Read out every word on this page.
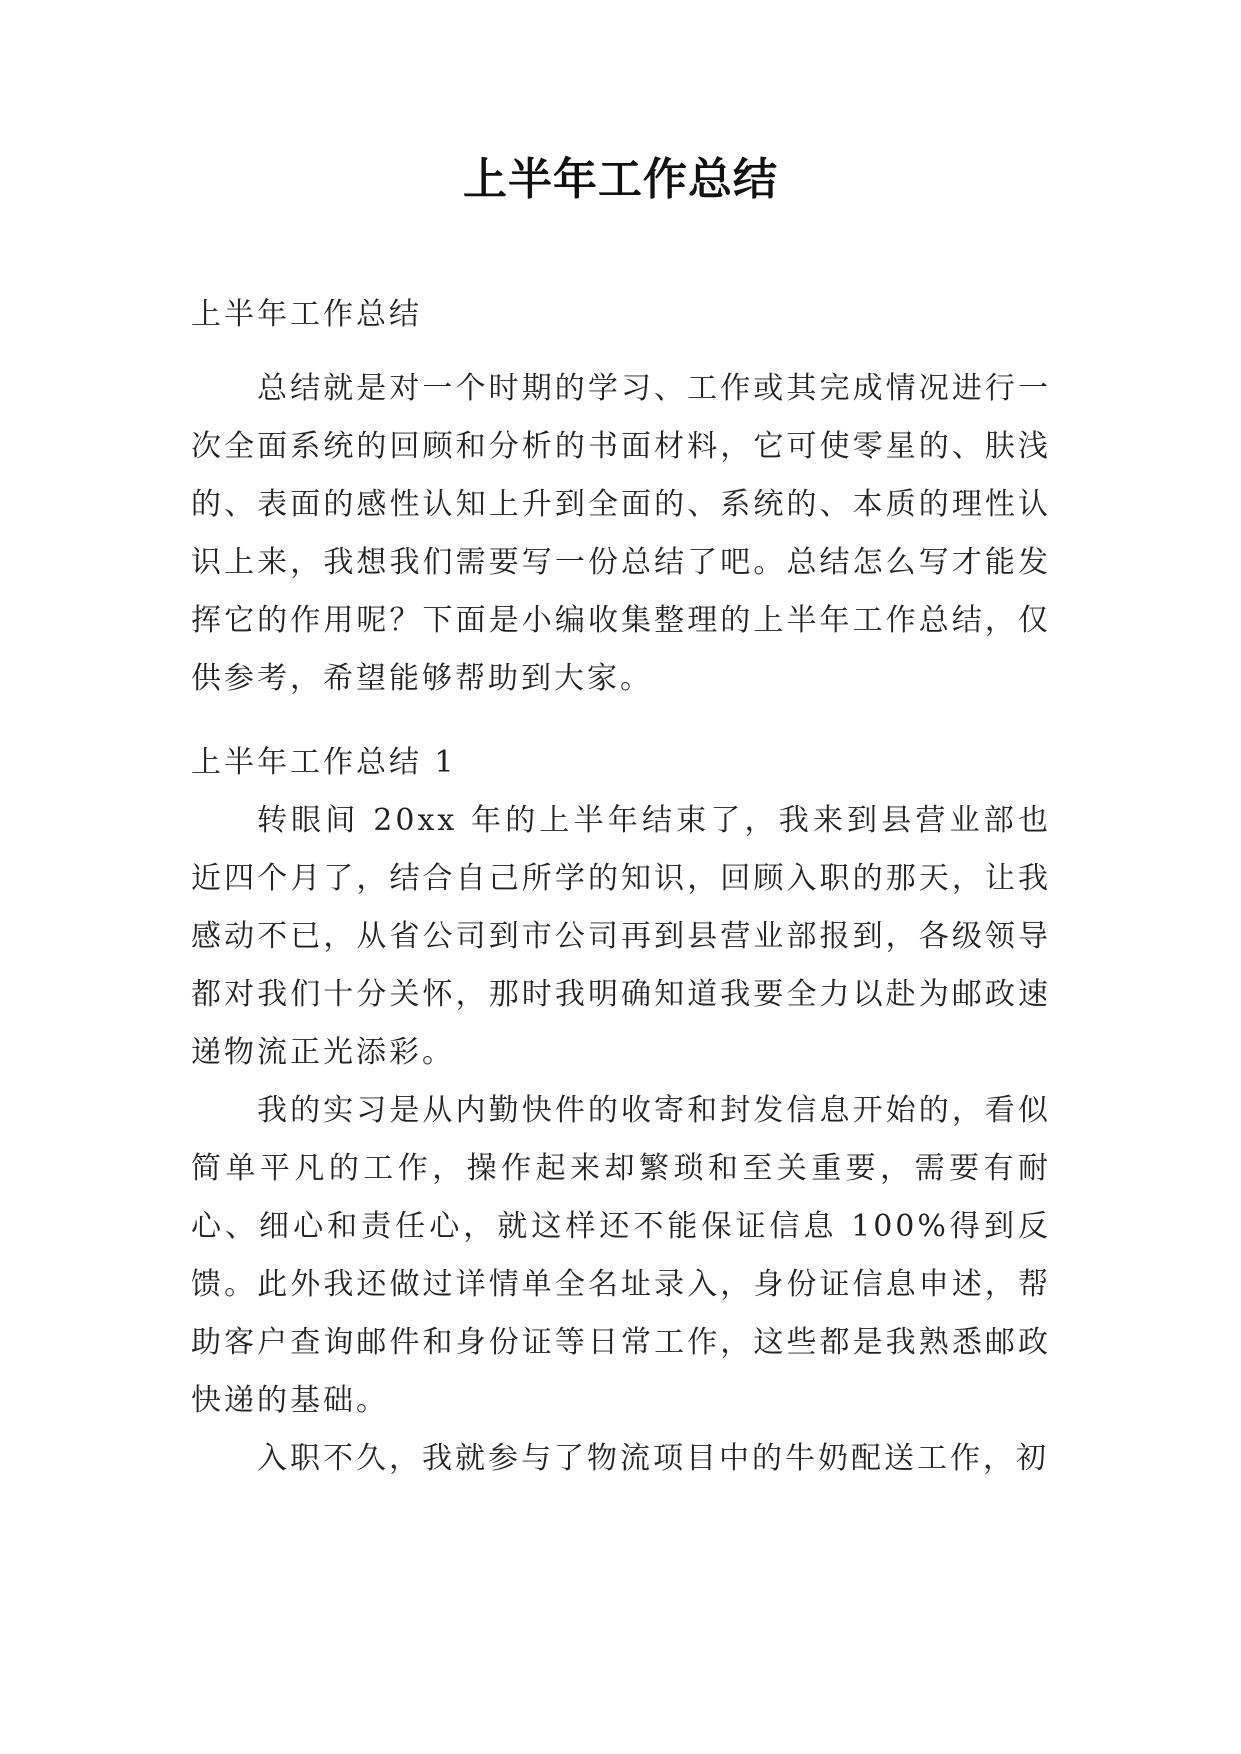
上半年工作总结
上半年工作总结

总结就是对一个时期的学习、工作或其完成情况进行一次全面系统的回顾和分析的书面材料，它可使零星的、肤浅的、表面的感性认知上升到全面的、系统的、本质的理性认识上来，我想我们需要写一份总结了吧。总结怎么写才能发挥它的作用呢？下面是小编收集整理的上半年工作总结，仅供参考，希望能够帮助到大家。

上半年工作总结 1

转眼间 20xx 年的上半年结束了，我来到县营业部也近四个月了，结合自己所学的知识，回顾入职的那天，让我感动不已，从省公司到市公司再到县营业部报到，各级领导都对我们十分关怀，那时我明确知道我要全力以赴为邮政速递物流正光添彩。

我的实习是从内勤快件的收寄和封发信息开始的，看似简单平凡的工作，操作起来却繁琐和至关重要，需要有耐心、细心和责任心，就这样还不能保证信息 100%得到反馈。此外我还做过详情单全名址录入，身份证信息申述，帮助客户查询邮件和身份证等日常工作，这些都是我熟悉邮政快递的基础。

入职不久，我就参与了物流项目中的牛奶配送工作，初
